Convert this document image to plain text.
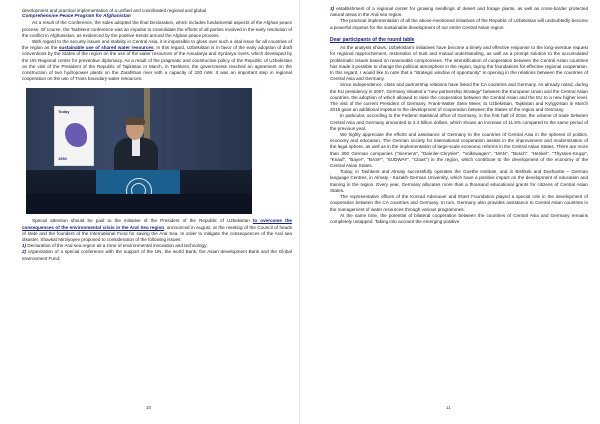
development and practical implementation of a unified and coordinated regional and global

Comprehensive Peace Program for Afghanistan

As a result of the Conference, the sides adopted the final Declaration, which includes fundamental aspects of the Afghan peace process. Of course, the Tashkent conference was an impulse to consolidate the efforts of all parties involved in the early resolution of the conflict in Afghanistan, as evidenced by the positive trends around the Afghan peace process.

With regard to the security issues and stability in Central Asia, it is impossible to gloss over such a vital issue for all countries of the region as the sustainable use of shared water resources. In this regard, Uzbekistan is in favor of the early adoption of draft conventions by the States of the region on the use of the water resources of the Amudarya and Syrdarya rivers, which developed by the UN Regional center for preventive diplomacy. As a result of the pragmatic and constructive policy of the Republic of Uzbekistan on the visit of the President of the Republic of Tajikistan in March, in Tashkent, the governments reached an agreement on the construction of two hydropower plants on the Zarafshan river with a capacity of 320 mW. It was an important step in regional cooperation on the use of Trans boundary water resources.

Today
1960

Special attention should be paid to the initiative of the President of the Republic of Uzbekistan to overcome the consequences of the environmental crisis in the Aral Sea region, announced in August, at the meeting of the Council of heads of state and the founders of the International Fund for saving the Aral Sea. In order to mitigate the consequences of the Aral sea disaster, Shavkat Mirziyoyev proposed to consideration of the following issues:

1) Declaration of the Aral sea region as a zone of environmental innovation and technology;

2) organization of a special conference with the support of the UN, the world Bank, the Asian development Bank and the Global environment Fund;

10

3) establishment of a regional center for growing seedlings of desert and forage plants, as well as cross-border protected natural areas in the Aral sea region.

The practical implementation of all the above-mentioned initiatives of the Republic of Uzbekistan will undoubtedly become a powerful impetus for the sustainable development of our entire Central Asian region.

Dear participants of the round table

As the analysis shows, Uzbekistan's initiatives have become a timely and effective response to the long-overdue request for regional rapprochement, restoration of trust and mutual understanding, as well as a prompt solution to the accumulated problematic issues based on reasonable compromises. The intensification of cooperation between the Central Asian countries has made it possible to change the political atmosphere in the region, laying the foundations for effective regional cooperation. In this regard, I would like to note that a "strategic window of opportunity" is opening in the relations between the countries of Central Asia and Germany.

Since independence, close and partnership relations have linked the CA countries and Germany. As already noted, during the EU presidency in 2007, Germany initiated a "new partnership Strategy" between the European Union and the Central Asian countries, the adoption of which allowed to raise the cooperation between the Central Asian and the EU to a new higher level. The visit of the current President of Germany, Frank-Walter Stein Meier, to Uzbekistan, Tajikistan and Kyrgyzstan in March 2016 gave an additional impetus to the development of cooperation between the States of the region and Germany.

In particular, according to the Federal statistical office of Germany, in the first half of 2018, the volume of trade between Central Asia and Germany amounted to 3.4 billion dollars, which shows an increase of 11.5% compared to the same period of the previous year.

We highly appreciate the efforts and assistance of Germany to the countries of Central Asia in the spheres of politics, economy and education. The German society for international cooperation assists in the improvement and modernization of the legal sphere, as well as in the implementation of large-scale economic reforms in the Central Asian States. There are more than 300 German companies ("Siemens", "Daimler-Chrysler", "Volkswagen", "MAN", "Bosch", "Henkel", "Thyssen-Krupp", "Knauf", "Bayer", "BASF", "SUDWAY", "Claas") in the region, which contribute to the development of the economy of the Central Asian States.

Today, in Tashkent and Almaty successfully operates the Goethe Institute, and in Bishkek and Dushanbe – German language Centres, in Almaty - Kazakh-German University, which have a positive impact on the development of education and training in the region. Every year, Germany allocates more than a thousand educational grants for citizens of Central Asian States.

The representative offices of the Konrad Adenauer and Ebert Foundation played a special role in the development of cooperation between the CA countries and Germany. In turn, Germany also provides assistance to Central Asian countries in the management of water resources through various programmes.

At the same time, the potential of bilateral cooperation between the countries of Central Asia and Germany remains completely untapped. Taking into account the emerging positive

11
